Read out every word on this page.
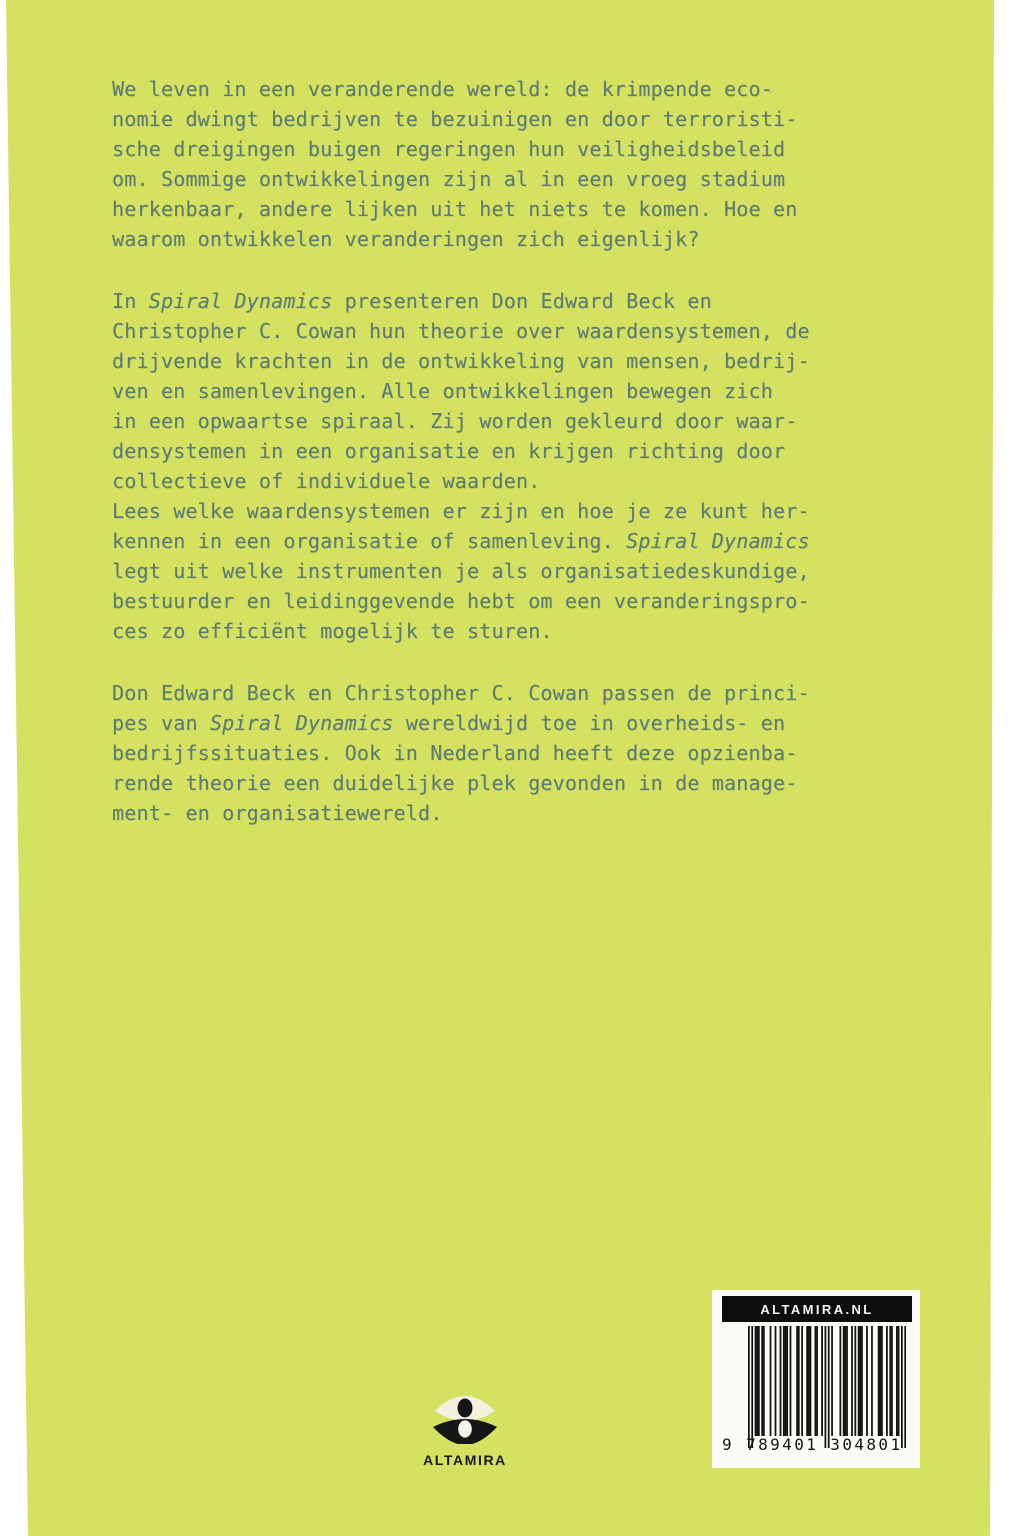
We leven in een veranderende wereld: de krimpende eco-
nomie dwingt bedrijven te bezuinigen en door terroristi-
sche dreigingen buigen regeringen hun veiligheidsbeleid
om. Sommige ontwikkelingen zijn al in een vroeg stadium
herkenbaar, andere lijken uit het niets te komen. Hoe en
waarom ontwikkelen veranderingen zich eigenlijk?
In Spiral Dynamics presenteren Don Edward Beck en
Christopher C. Cowan hun theorie over waardensystemen, de
drijvende krachten in de ontwikkeling van mensen, bedrij-
ven en samenlevingen. Alle ontwikkelingen bewegen zich
in een opwaartse spiraal. Zij worden gekleurd door waar-
densystemen in een organisatie en krijgen richting door
collectieve of individuele waarden.
Lees welke waardensystemen er zijn en hoe je ze kunt her-
kennen in een organisatie of samenleving. Spiral Dynamics
legt uit welke instrumenten je als organisatiedeskundige,
bestuurder en leidinggevende hebt om een veranderingspro-
ces zo efficiënt mogelijk te sturen.
Don Edward Beck en Christopher C. Cowan passen de princi-
pes van Spiral Dynamics wereldwijd toe in overheids- en
bedrijfssituaties. Ook in Nederland heeft deze opzienba-
rende theorie een duidelijke plek gevonden in de manage-
ment- en organisatiewereld.
ALTAMIRA
ALTAMIRA.NL
9 789401 304801
